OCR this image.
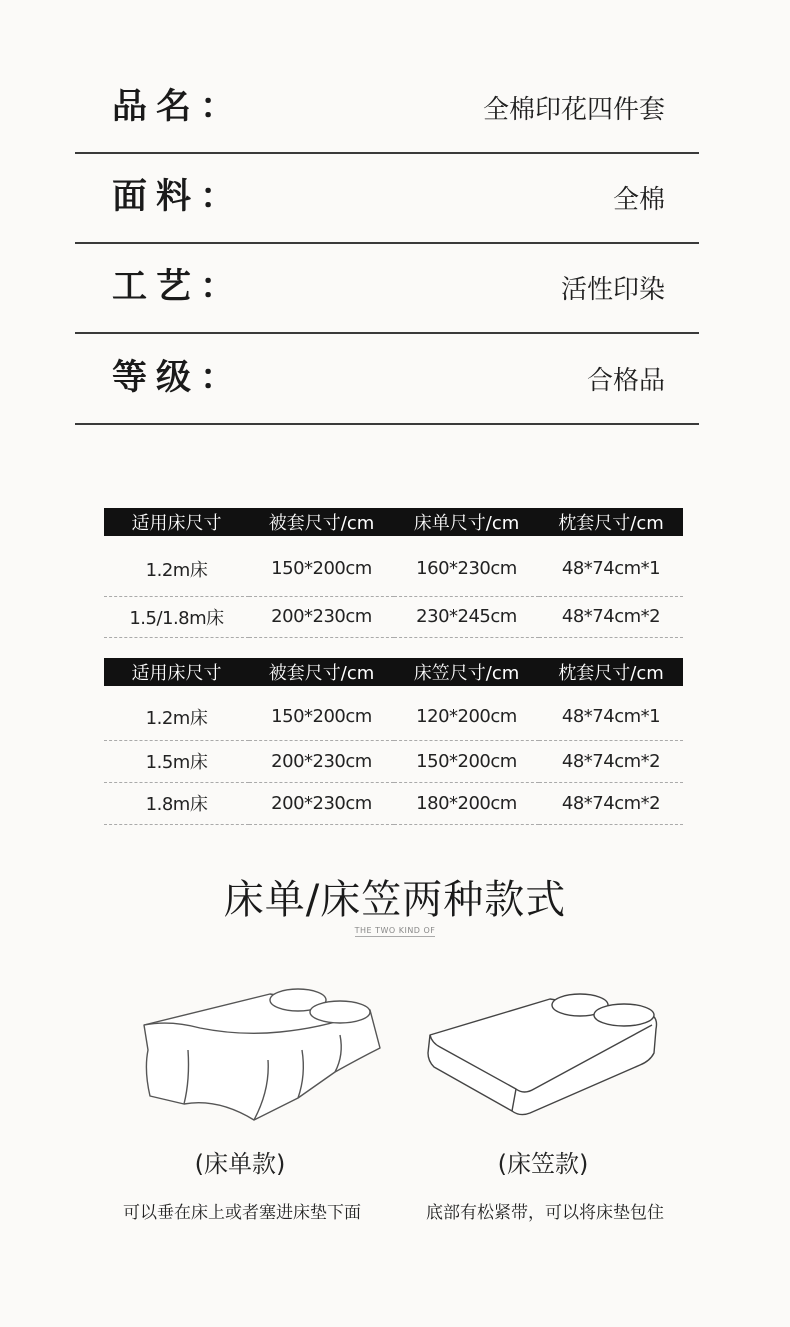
品名：	全棉印花四件套
面料：	全棉
工艺：	活性印染
等级：	合格品
适用床尺寸	被套尺寸/cm	床单尺寸/cm	枕套尺寸/cm
1.2m床	150*200cm	160*230cm	48*74cm*1
1.5/1.8m床	200*230cm	230*245cm	48*74cm*2
适用床尺寸	被套尺寸/cm	床笠尺寸/cm	枕套尺寸/cm
1.2m床	150*200cm	120*200cm	48*74cm*1
1.5m床	200*230cm	150*200cm	48*74cm*2
1.8m床	200*230cm	180*200cm	48*74cm*2
床单/床笠两种款式
THE TWO KIND OF
(床单款)	(床笠款)
可以垂在床上或者塞进床垫下面	底部有松紧带，可以将床垫包住
